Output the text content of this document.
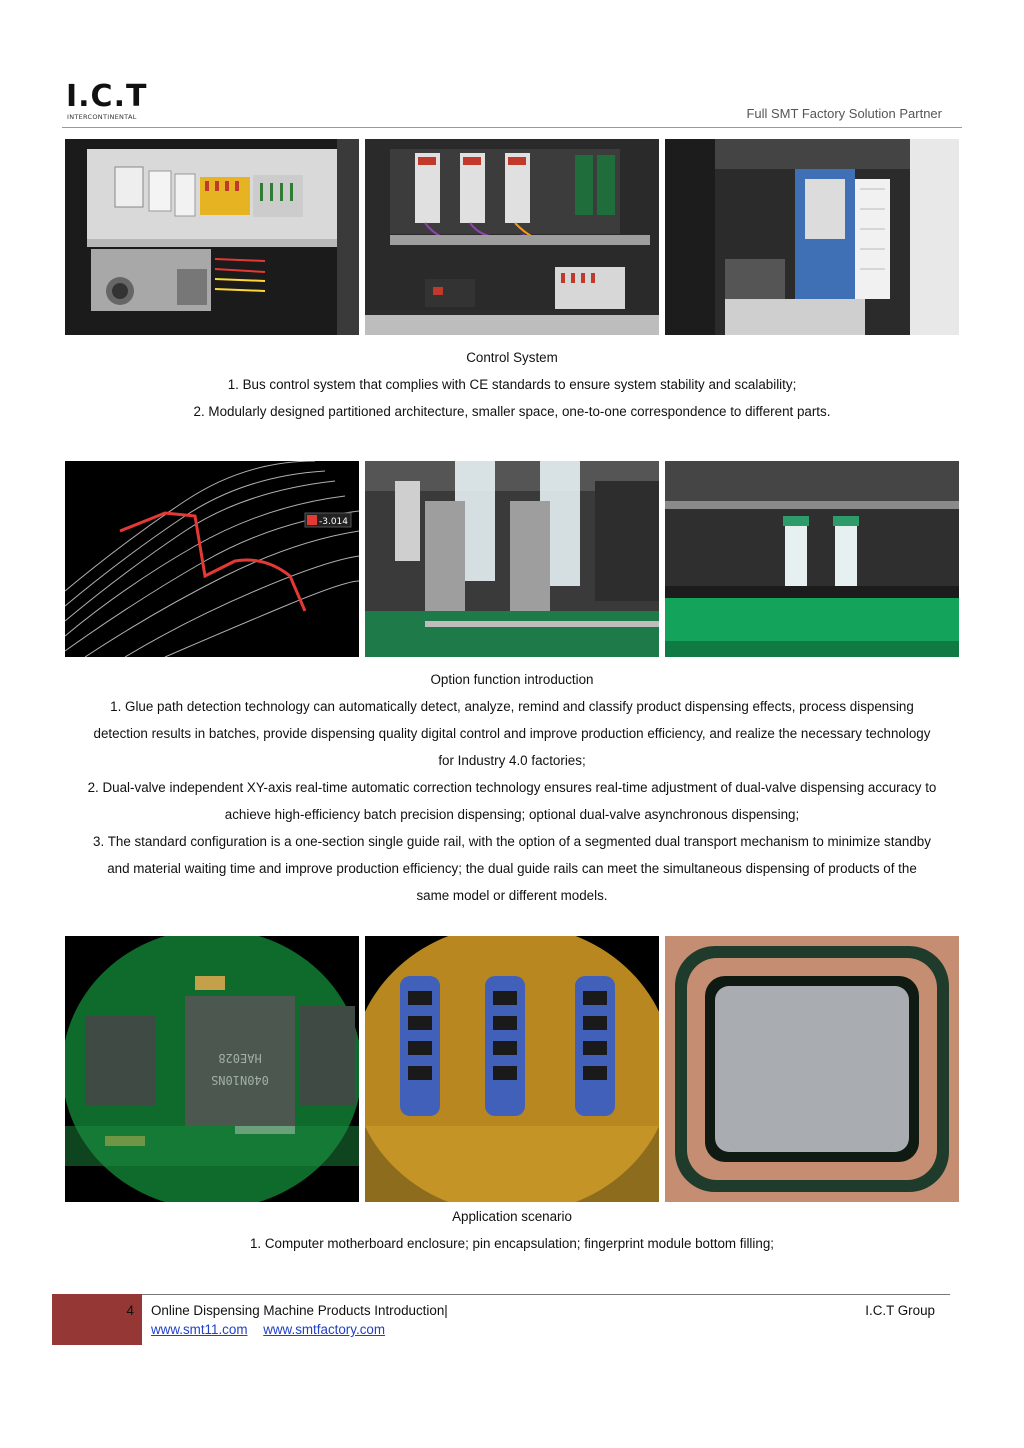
I.C.T
INTERCONTINENTAL	Full SMT Factory Solution Partner
Control System
1. Bus control system that complies with CE standards to ensure system stability and scalability;
2. Modularly designed partitioned architecture, smaller space, one-to-one correspondence to different parts.
-3.014
Option function introduction
1. Glue path detection technology can automatically detect, analyze, remind and classify product dispensing effects, process dispensing
detection results in batches, provide dispensing quality digital control and improve production efficiency, and realize the necessary technology
for Industry 4.0 factories;
2. Dual-valve independent XY-axis real-time automatic correction technology ensures real-time adjustment of dual-valve dispensing accuracy to
achieve high-efficiency batch precision dispensing; optional dual-valve asynchronous dispensing;
3. The standard configuration is a one-section single guide rail, with the option of a segmented dual transport mechanism to minimize standby
and material waiting time and improve production efficiency; the dual guide rails can meet the simultaneous dispensing of products of the
same model or different models.
HAE028
040N10NS
Application scenario
1. Computer motherboard enclosure; pin encapsulation; fingerprint module bottom filling;
4 Online Dispensing Machine Products Introduction|	I.C.T Group
www.smt11.com www.smtfactory.com
